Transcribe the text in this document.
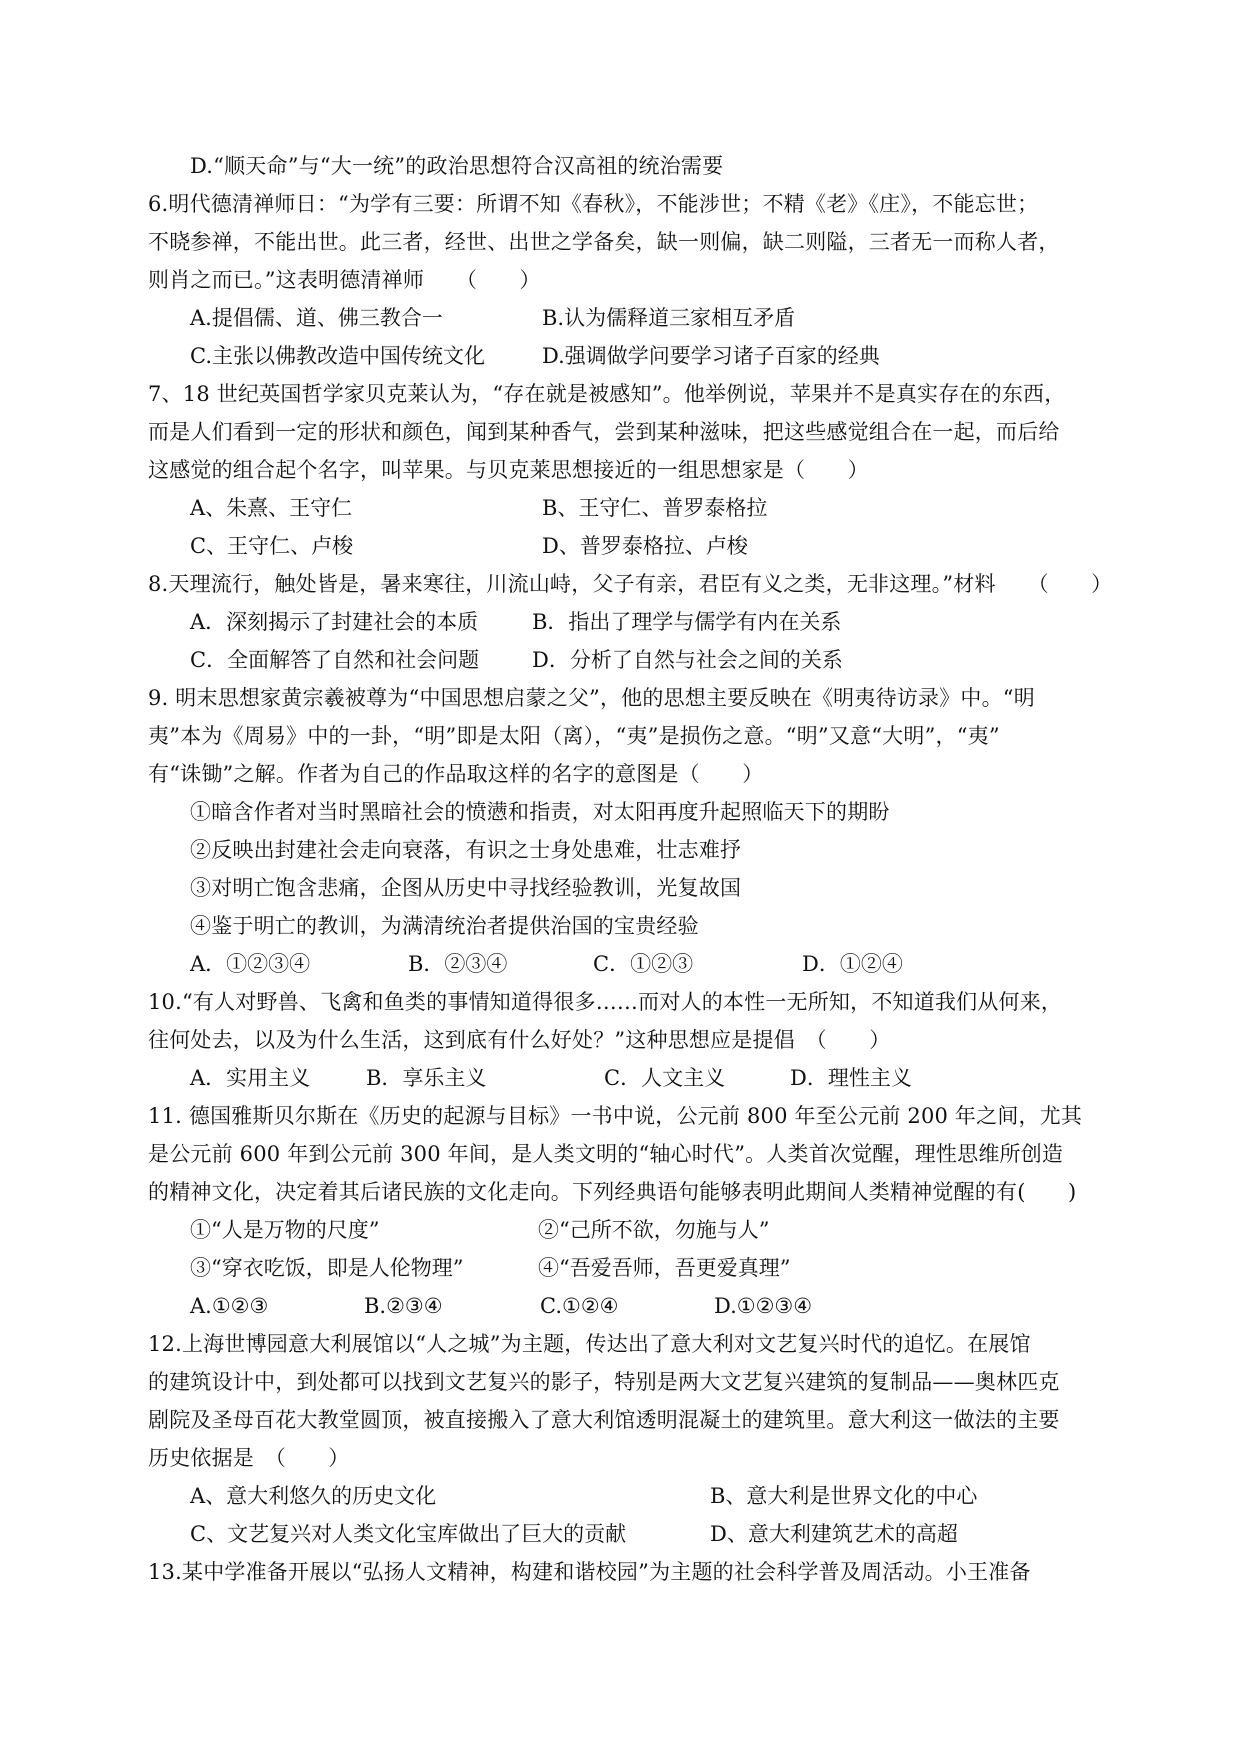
D.“顺天命”与“大一统”的政治思想符合汉高祖的统治需要
6.明代德清禅师日：“为学有三要：所谓不知《春秋》，不能涉世；不精《老》《庄》，不能忘世；
不晓参禅，不能出世。此三者，经世、出世之学备矣，缺一则偏，缺二则隘，三者无一而称人者，
则肖之而已。”这表明德清禅师　　（　　）

A.提倡儒、道、佛三教合一

	B.认为儒释道三家相互矛盾

C.主张以佛教改造中国传统文化

	D.强调做学问要学习诸子百家的经典

7、18 世纪英国哲学家贝克莱认为，“存在就是被感知”。他举例说，苹果并不是真实存在的东西，
而是人们看到一定的形状和颜色，闻到某种香气，尝到某种滋味，把这些感觉组合在一起，而后给
这感觉的组合起个名字，叫苹果。与贝克莱思想接近的一组思想家是（　　）

A、朱熹、王守仁

	B、王守仁、普罗泰格拉

C、王守仁、卢梭

	D、普罗泰格拉、卢梭

8.天理流行，触处皆是，暑来寒往，川流山峙，父子有亲，君臣有义之类，无非这理。”材料　　（　　）

A．深刻揭示了封建社会的本质

	B．指出了理学与儒学有内在关系

C．全面解答了自然和社会问题

	D．分析了自然与社会之间的关系

9. 明末思想家黄宗羲被尊为“中国思想启蒙之父”，他的思想主要反映在《明夷待访录》中。“明
夷”本为《周易》中的一卦，“明”即是太阳（离），“夷”是损伤之意。“明”又意“大明”，“夷”
有“诛锄”之解。作者为自己的作品取这样的名字的意图是（　　）
①暗含作者对当时黑暗社会的愤懑和指责，对太阳再度升起照临天下的期盼
②反映出封建社会走向衰落，有识之士身处患难，壮志难抒
③对明亡饱含悲痛，企图从历史中寻找经验教训，光复故国
④鉴于明亡的教训，为满清统治者提供治国的宝贵经验

A．①②③④

	B．②③④

	C．①②③

	D．①②④

10.“有人对野兽、飞禽和鱼类的事情知道得很多……而对人的本性一无所知，不知道我们从何来，
往何处去，以及为什么生活，这到底有什么好处？”这种思想应是提倡　（　　）

A．实用主义

	B．享乐主义

	C．人文主义

	D．理性主义

11. 德国雅斯贝尔斯在《历史的起源与目标》一书中说，公元前 800 年至公元前 200 年之间，尤其
是公元前 600 年到公元前 300 年间，是人类文明的“轴心时代”。人类首次觉醒，理性思维所创造
的精神文化，决定着其后诸民族的文化走向。下列经典语句能够表明此期间人类精神觉醒的有(　　)

①“人是万物的尺度”

	②“己所不欲，勿施与人”

③“穿衣吃饭，即是人伦物理”

	④“吾爱吾师，吾更爱真理”

A.①②③

	B.②③④

	C.①②④

	D.①②③④

12.上海世博园意大利展馆以“人之城”为主题，传达出了意大利对文艺复兴时代的追忆。在展馆
的建筑设计中，到处都可以找到文艺复兴的影子，特别是两大文艺复兴建筑的复制品——奥林匹克
剧院及圣母百花大教堂圆顶，被直接搬入了意大利馆透明混凝土的建筑里。意大利这一做法的主要
历史依据是　（　　）

A、意大利悠久的历史文化

	B、意大利是世界文化的中心

C、文艺复兴对人类文化宝库做出了巨大的贡献

	D、意大利建筑艺术的高超

13.某中学准备开展以“弘扬人文精神，构建和谐校园”为主题的社会科学普及周活动。小王准备
